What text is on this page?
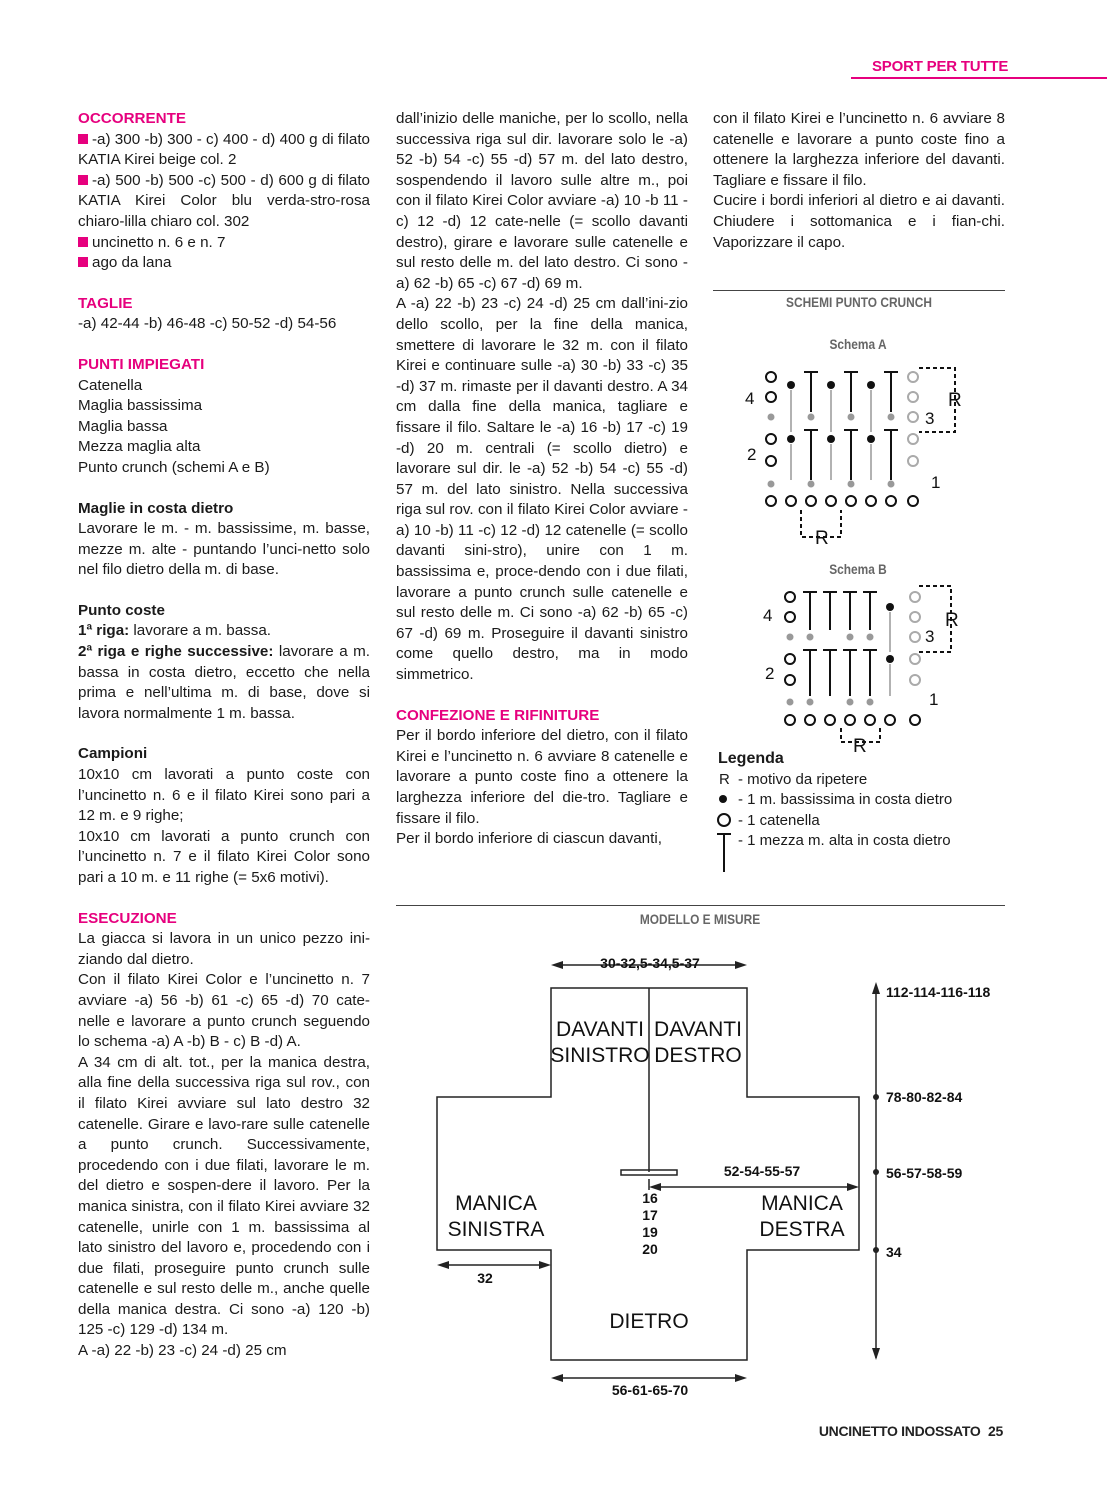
SPORT PER TUTTE

OCCORRENTE

-a) 300 -b) 300 - c) 400 - d) 400 g di filato KATIA Kirei beige col. 2

-a) 500 -b) 500 -c) 500 - d) 600 g di filato KATIA Kirei Color blu verda-stro-rosa chiaro-lilla chiaro col. 302

uncinetto n. 6 e n. 7

ago da lana

TAGLIE

-a) 42-44 -b) 46-48 -c) 50-52 -d) 54-56

PUNTI IMPIEGATI

Catenella

Maglia bassissima

Maglia bassa

Mezza maglia alta

Punto crunch (schemi A e B)

Maglie in costa dietro

Lavorare le m. - m. bassissime, m. basse, mezze m. alte - puntando l’unci-netto solo nel filo dietro della m. di base.

Punto coste

1ª riga: lavorare a m. bassa.

2ª riga e righe successive: lavorare a m. bassa in costa dietro, eccetto che nella prima e nell’ultima m. di base, dove si lavora normalmente 1 m. bassa.

Campioni

10x10 cm lavorati a punto coste con l’uncinetto n. 6 e il filato Kirei sono pari a 12 m. e 9 righe;

10x10 cm lavorati a punto crunch con l’uncinetto n. 7 e il filato Kirei Color sono pari a 10 m. e 11 righe (= 5x6 motivi).

ESECUZIONE

La giacca si lavora in un unico pezzo ini-ziando dal dietro.

Con il filato Kirei Color e l’uncinetto n. 7 avviare -a) 56 -b) 61 -c) 65 -d) 70 cate-nelle e lavorare a punto crunch seguendo lo schema -a) A -b) B - c) B -d) A.

A 34 cm di alt. tot., per la manica destra, alla fine della successiva riga sul rov., con il filato Kirei avviare sul lato destro 32 catenelle. Girare e lavo-rare sulle catenelle a punto crunch. Successivamente, procedendo con i due filati, lavorare le m. del dietro e sospen-dere il lavoro. Per la manica sinistra, con il filato Kirei avviare 32 catenelle, unirle con 1 m. bassissima al lato sinistro del lavoro e, procedendo con i due filati, proseguire punto crunch sulle catenelle e sul resto delle m., anche quelle della manica destra. Ci sono -a) 120 -b) 125 -c) 129 -d) 134 m.

A -a) 22 -b) 23 -c) 24 -d) 25 cm

dall’inizio delle maniche, per lo scollo, nella successiva riga sul dir. lavorare solo le -a) 52 -b) 54 -c) 55 -d) 57 m. del lato destro, sospendendo il lavoro sulle altre m., poi con il filato Kirei Color avviare -a) 10 -b 11 -c) 12 -d) 12 cate-nelle (= scollo davanti destro), girare e lavorare sulle catenelle e sul resto delle m. del lato destro. Ci sono -a) 62 -b) 65 -c) 67 -d) 69 m.

A -a) 22 -b) 23 -c) 24 -d) 25 cm dall’ini-zio dello scollo, per la fine della manica, smettere di lavorare le 32 m. con il filato Kirei e continuare sulle -a) 30 -b) 33 -c) 35 -d) 37 m. rimaste per il davanti destro. A 34 cm dalla fine della manica, tagliare e fissare il filo. Saltare le -a) 16 -b) 17 -c) 19 -d) 20 m. centrali (= scollo dietro) e lavorare sul dir. le -a) 52 -b) 54 -c) 55 -d) 57 m. del lato sinistro. Nella successiva riga sul rov. con il filato Kirei Color avviare -a) 10 -b) 11 -c) 12 -d) 12 catenelle (= scollo davanti sini-stro), unire con 1 m. bassissima e, proce-dendo con i due filati, lavorare a punto crunch sulle catenelle e sul resto delle m. Ci sono -a) 62 -b) 65 -c) 67 -d) 69 m. Proseguire il davanti sinistro come quello destro, ma in modo simmetrico.

CONFEZIONE E RIFINITURE

Per il bordo inferiore del dietro, con il filato Kirei e l’uncinetto n. 6 avviare 8 catenelle e lavorare a punto coste fino a ottenere la larghezza inferiore del die-tro. Tagliare e fissare il filo.

Per il bordo inferiore di ciascun davanti,

con il filato Kirei e l’uncinetto n. 6 avviare 8 catenelle e lavorare a punto coste fino a ottenere la larghezza inferiore del davanti. Tagliare e fissare il filo.

Cucire i bordi inferiori al dietro e ai davanti. Chiudere i sottomanica e i fian-chi. Vaporizzare il capo.

SCHEMI PUNTO CRUNCH
Schema A
Schema B
4
3
2
1
R
R
4
3
2
1
R
R
Legenda
R - motivo da ripetere
- 1 m. bassissima in costa dietro
- 1 catenella
- 1 mezza m. alta in costa dietro
MODELLO E MISURE
DAVANTI
SINISTRO
DAVANTI
DESTRO
MANICA
SINISTRA
MANICA
DESTRA
DIETRO
30-32,5-34,5-37
56-61-65-70
32
52-54-55-57
16
17
19
20
112-114-116-118
78-80-82-84
56-57-58-59
34
UNCINETTO INDOSSATO 25
